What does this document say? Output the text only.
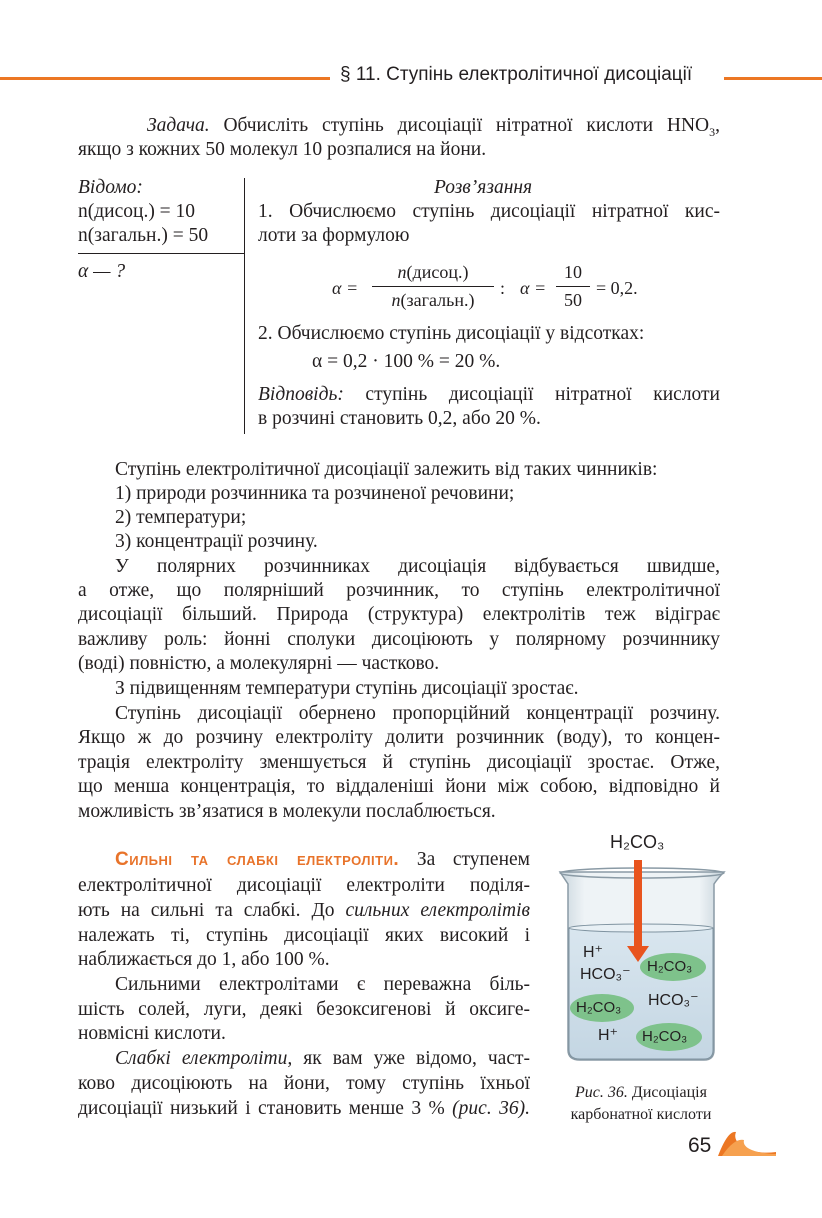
§ 11. Ступінь електролітичної дисоціації
Задача. Обчисліть ступінь дисоціації нітратної кислоти $HNO_3$,
якщо з кожних 50 молекул 10 розпалися на йони.
Відомо:
n(дисоц.) = 10
n(загальн.) = 50
α — ?
Розв’язання
1. Обчислюємо ступінь дисоціації нітратної кис-
лоти за формулою
α =
n(дисоц.)
n(загальн.)
: α =
10
50
= 0,2.
2. Обчислюємо ступінь дисоціації у відсотках:
α = 0,2 · 100 % = 20 %.
Відповідь: ступінь дисоціації нітратної кислоти
в розчині становить 0,2, або 20 %.
Ступінь електролітичної дисоціації залежить від таких чинників:
1) природи розчинника та розчиненої речовини;
2) температури;
3) концентрації розчину.
У полярних розчинниках дисоціація відбувається швидше,
а отже, що полярніший розчинник, то ступінь електролітичної
дисоціації більший. Природа (структура) електролітів теж відіграє
важливу роль: йонні сполуки дисоціюють у полярному розчиннику
(воді) повністю, а молекулярні — частково.
З підвищенням температури ступінь дисоціації зростає.
Ступінь дисоціації обернено пропорційний концентрації розчину.
Якщо ж до розчину електроліту долити розчинник (воду), то концен-
трація електроліту зменшується й ступінь дисоціації зростає. Отже,
що менша концентрація, то віддаленіші йони між собою, відповідно й
можливість зв’язатися в молекули послаблюється.
Сильні та слабкі електроліти. За ступенем
електролітичної дисоціації електроліти поділя-
ють на сильні та слабкі. До сильних електролітів
належать ті, ступінь дисоціації яких високий і
наближається до 1, або 100 %.
Сильними електролітами є переважна біль-
шість солей, луги, деякі безоксигенові й оксиге-
новмісні кислоти.
Слабкі електроліти, як вам уже відомо, част-
ково дисоціюють на йони, тому ступінь їхньої
дисоціації низький і становить менше 3 % (рис. 36).
H₂CO₃
H⁺
HCO₃⁻ H₂CO₃
H₂CO₃ HCO₃⁻
H⁺ H₂CO₃
Рис. 36. Дисоціація
карбонатної кислоти
65
